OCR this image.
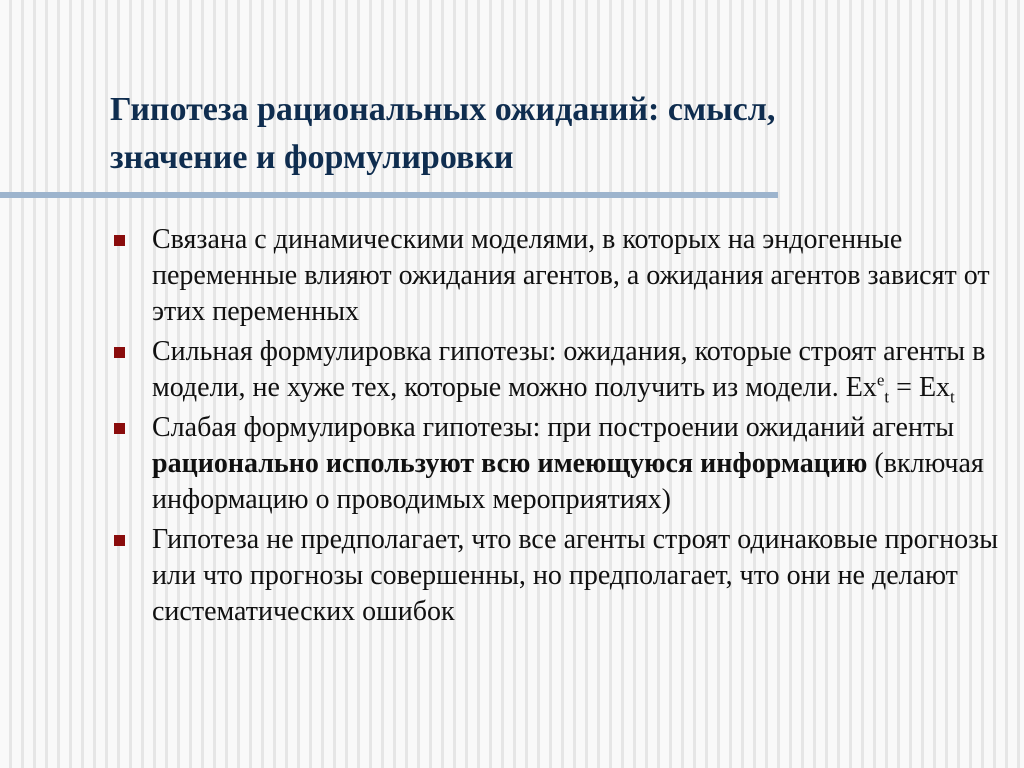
Гипотеза рациональных ожиданий: смысл,
значение и формулировки
Связана с динамическими моделями, в которых на эндогенные переменные влияют ожидания агентов, а ожидания агентов зависят от этих переменных
Сильная формулировка гипотезы: ожидания, которые строят агенты в модели, не хуже тех, которые можно получить из модели. $Ex^e_t = Ex_t$
Слабая формулировка гипотезы: при построении ожиданий агенты рационально используют всю имеющуюся информацию (включая информацию о проводимых мероприятиях)
Гипотеза не предполагает, что все агенты строят одинаковые прогнозы или что прогнозы совершенны, но предполагает, что они не делают систематических ошибок
